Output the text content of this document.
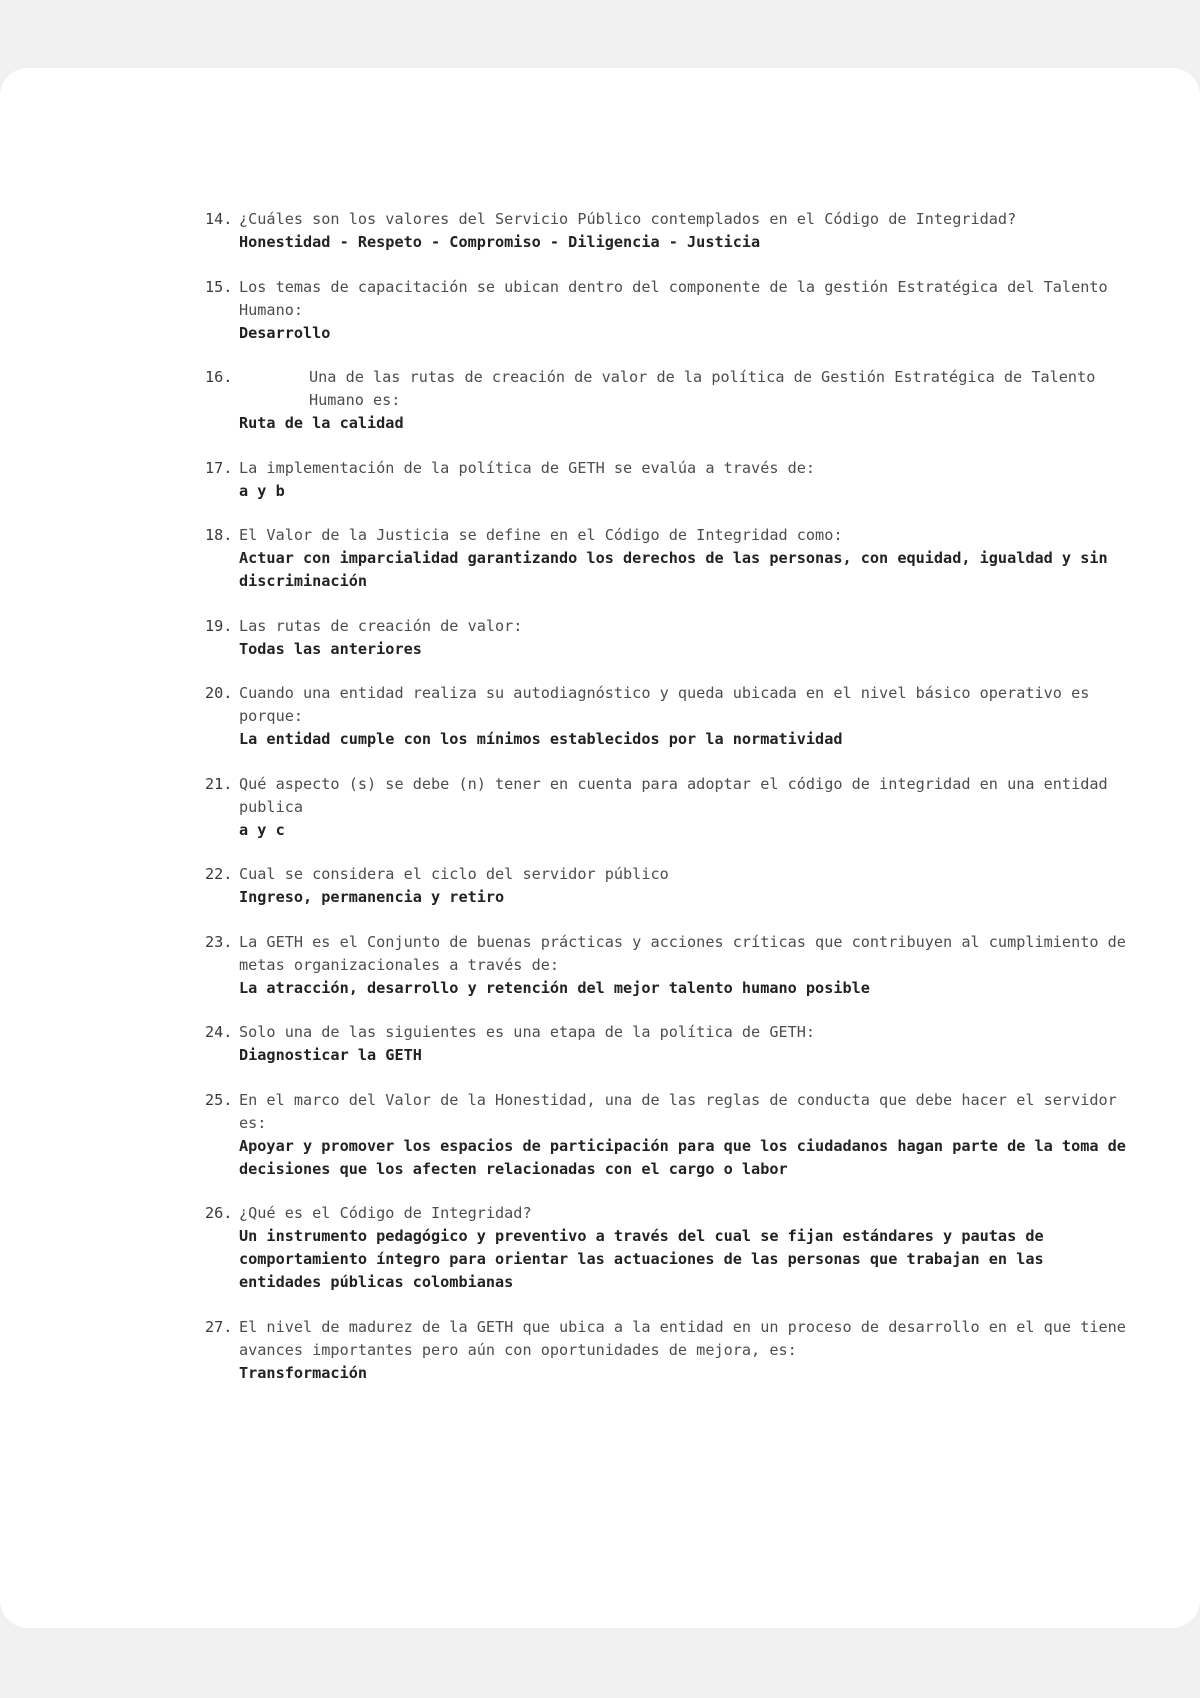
14. ¿Cuáles son los valores del Servicio Público contemplados en el Código de Integridad?
Honestidad - Respeto - Compromiso - Diligencia - Justicia
15. Los temas de capacitación se ubican dentro del componente de la gestión Estratégica del Talento Humano:
Desarrollo
16.	Una de las rutas de creación de valor de la política de Gestión Estratégica de Talento Humano es:
Ruta de la calidad
17. La implementación de la política de GETH se evalúa a través de:
a y b
18. El Valor de la Justicia se define en el Código de Integridad como:
Actuar con imparcialidad garantizando los derechos de las personas, con equidad, igualdad y sin discriminación
19. Las rutas de creación de valor:
Todas las anteriores
20. Cuando una entidad realiza su autodiagnóstico y queda ubicada en el nivel básico operativo es porque:
La entidad cumple con los mínimos establecidos por la normatividad
21. Qué aspecto (s) se debe (n) tener en cuenta para adoptar el código de integridad en una entidad publica
a y c
22. Cual se considera el ciclo del servidor público
Ingreso, permanencia y retiro
23. La GETH es el Conjunto de buenas prácticas y acciones críticas que contribuyen al cumplimiento de metas organizacionales a través de:
La atracción, desarrollo y retención del mejor talento humano posible
24. Solo una de las siguientes es una etapa de la política de GETH:
Diagnosticar la GETH
25. En el marco del Valor de la Honestidad, una de las reglas de conducta que debe hacer el servidor es:
Apoyar y promover los espacios de participación para que los ciudadanos hagan parte de la toma de decisiones que los afecten relacionadas con el cargo o labor
26. ¿Qué es el Código de Integridad?
Un instrumento pedagógico y preventivo a través del cual se fijan estándares y pautas de comportamiento íntegro para orientar las actuaciones de las personas que trabajan en las entidades públicas colombianas
27. El nivel de madurez de la GETH que ubica a la entidad en un proceso de desarrollo en el que tiene avances importantes pero aún con oportunidades de mejora, es:
Transformación
